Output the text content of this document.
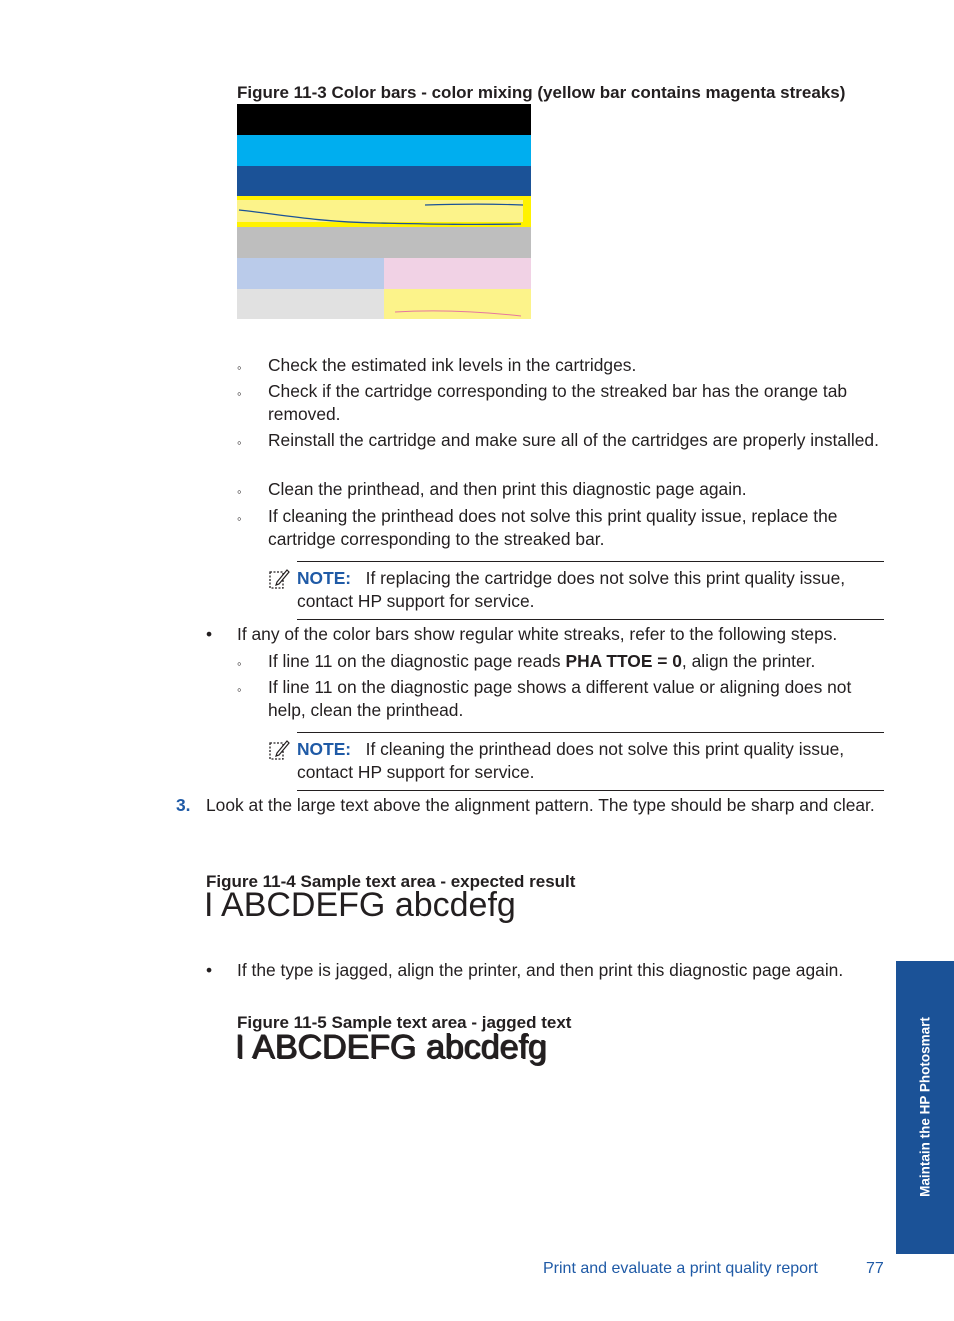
Figure 11-3 Color bars - color mixing (yellow bar contains magenta streaks)
◦ Check the estimated ink levels in the cartridges.
◦ Check if the cartridge corresponding to the streaked bar has the orange tab removed.
◦ Reinstall the cartridge and make sure all of the cartridges are properly installed.
◦ Clean the printhead, and then print this diagnostic page again.
◦ If cleaning the printhead does not solve this print quality issue, replace the cartridge corresponding to the streaked bar.
NOTE: If replacing the cartridge does not solve this print quality issue, contact HP support for service.
• If any of the color bars show regular white streaks, refer to the following steps.
◦ If line 11 on the diagnostic page reads PHA TTOE = 0, align the printer.
◦ If line 11 on the diagnostic page shows a different value or aligning does not help, clean the printhead.
NOTE: If cleaning the printhead does not solve this print quality issue, contact HP support for service.
3. Look at the large text above the alignment pattern. The type should be sharp and clear.
Figure 11-4 Sample text area - expected result
I ABCDEFG abcdefg
• If the type is jagged, align the printer, and then print this diagnostic page again.
Figure 11-5 Sample text area - jagged text
I ABCDEFG abcdefg	Maintain the HP Photosmart
Print and evaluate a print quality report	77
